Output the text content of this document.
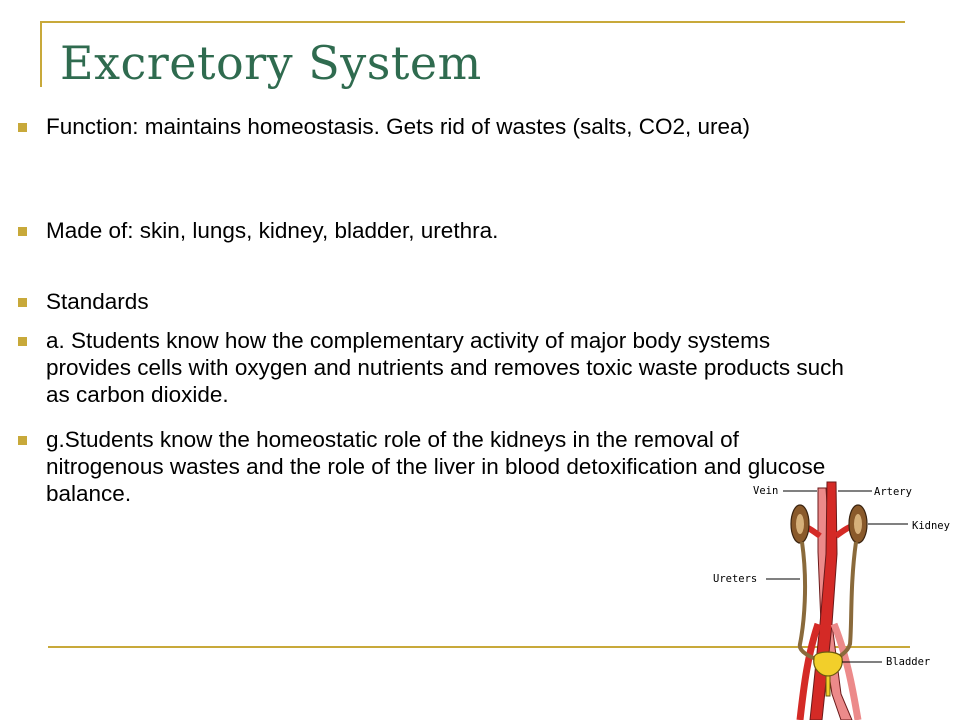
Excretory System
Function: maintains homeostasis. Gets rid of wastes (salts, CO2, urea)
Made of: skin, lungs, kidney, bladder, urethra.
Standards
a. Students know how the complementary activity of major body systems provides cells with oxygen and nutrients and removes toxic waste products such as carbon dioxide.
g.Students know the homeostatic role of the kidneys in the removal of nitrogenous wastes and the role of the liver in blood detoxification and glucose balance.	Vein	Artery
Kidney
Ureters
Bladder
